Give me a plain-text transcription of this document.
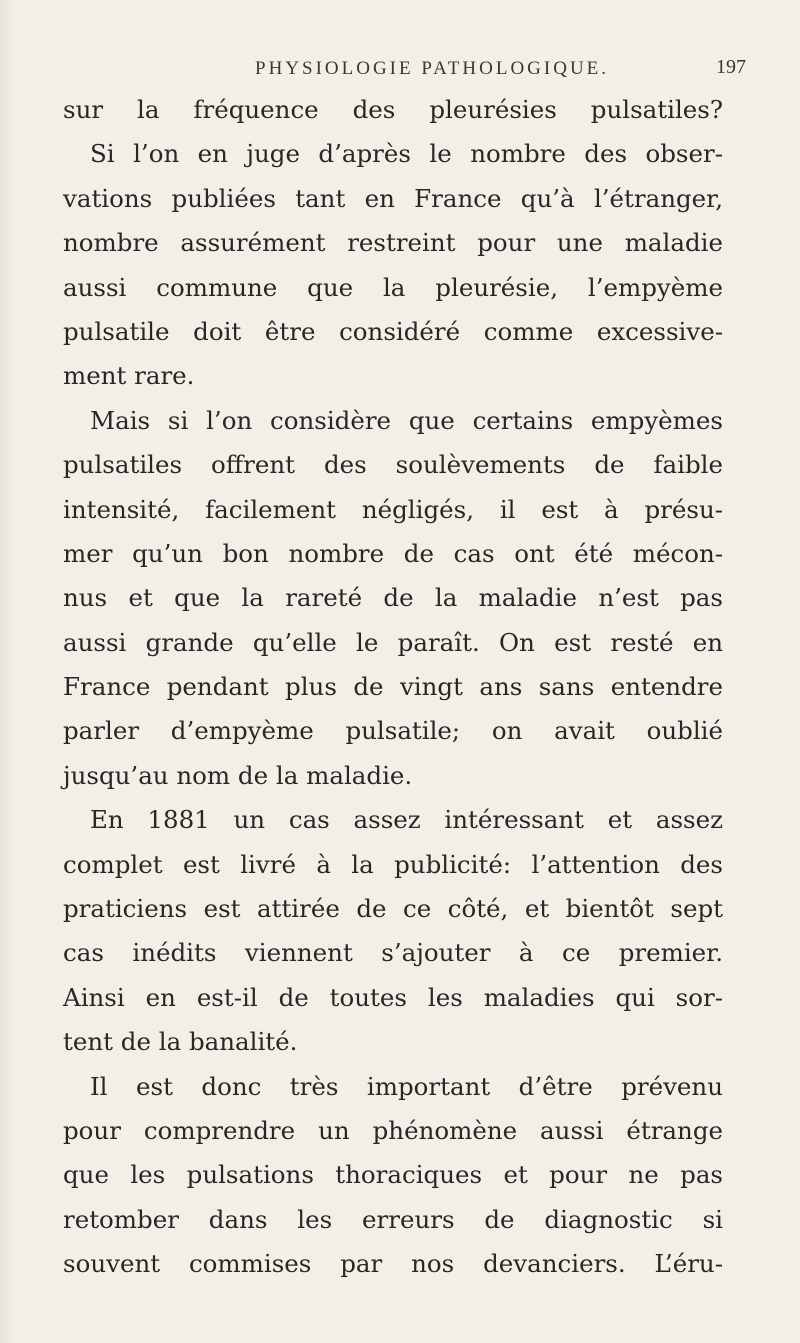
PHYSIOLOGIE PATHOLOGIQUE.	197
sur la fréquence des pleurésies pulsatiles?
Si l’on en juge d’après le nombre des obser-
vations publiées tant en France qu’à l’étranger,
nombre assurément restreint pour une maladie
aussi commune que la pleurésie, l’empyème
pulsatile doit être considéré comme excessive-
ment rare.
Mais si l’on considère que certains empyèmes
pulsatiles offrent des soulèvements de faible
intensité, facilement négligés, il est à présu-
mer qu’un bon nombre de cas ont été mécon-
nus et que la rareté de la maladie n’est pas
aussi grande qu’elle le paraît. On est resté en
France pendant plus de vingt ans sans entendre
parler d’empyème pulsatile; on avait oublié
jusqu’au nom de la maladie.
En 1881 un cas assez intéressant et assez
complet est livré à la publicité: l’attention des
praticiens est attirée de ce côté, et bientôt sept
cas inédits viennent s’ajouter à ce premier.
Ainsi en est-il de toutes les maladies qui sor-
tent de la banalité.
Il est donc très important d’être prévenu
pour comprendre un phénomène aussi étrange
que les pulsations thoraciques et pour ne pas
retomber dans les erreurs de diagnostic si
souvent commises par nos devanciers. L’éru-
